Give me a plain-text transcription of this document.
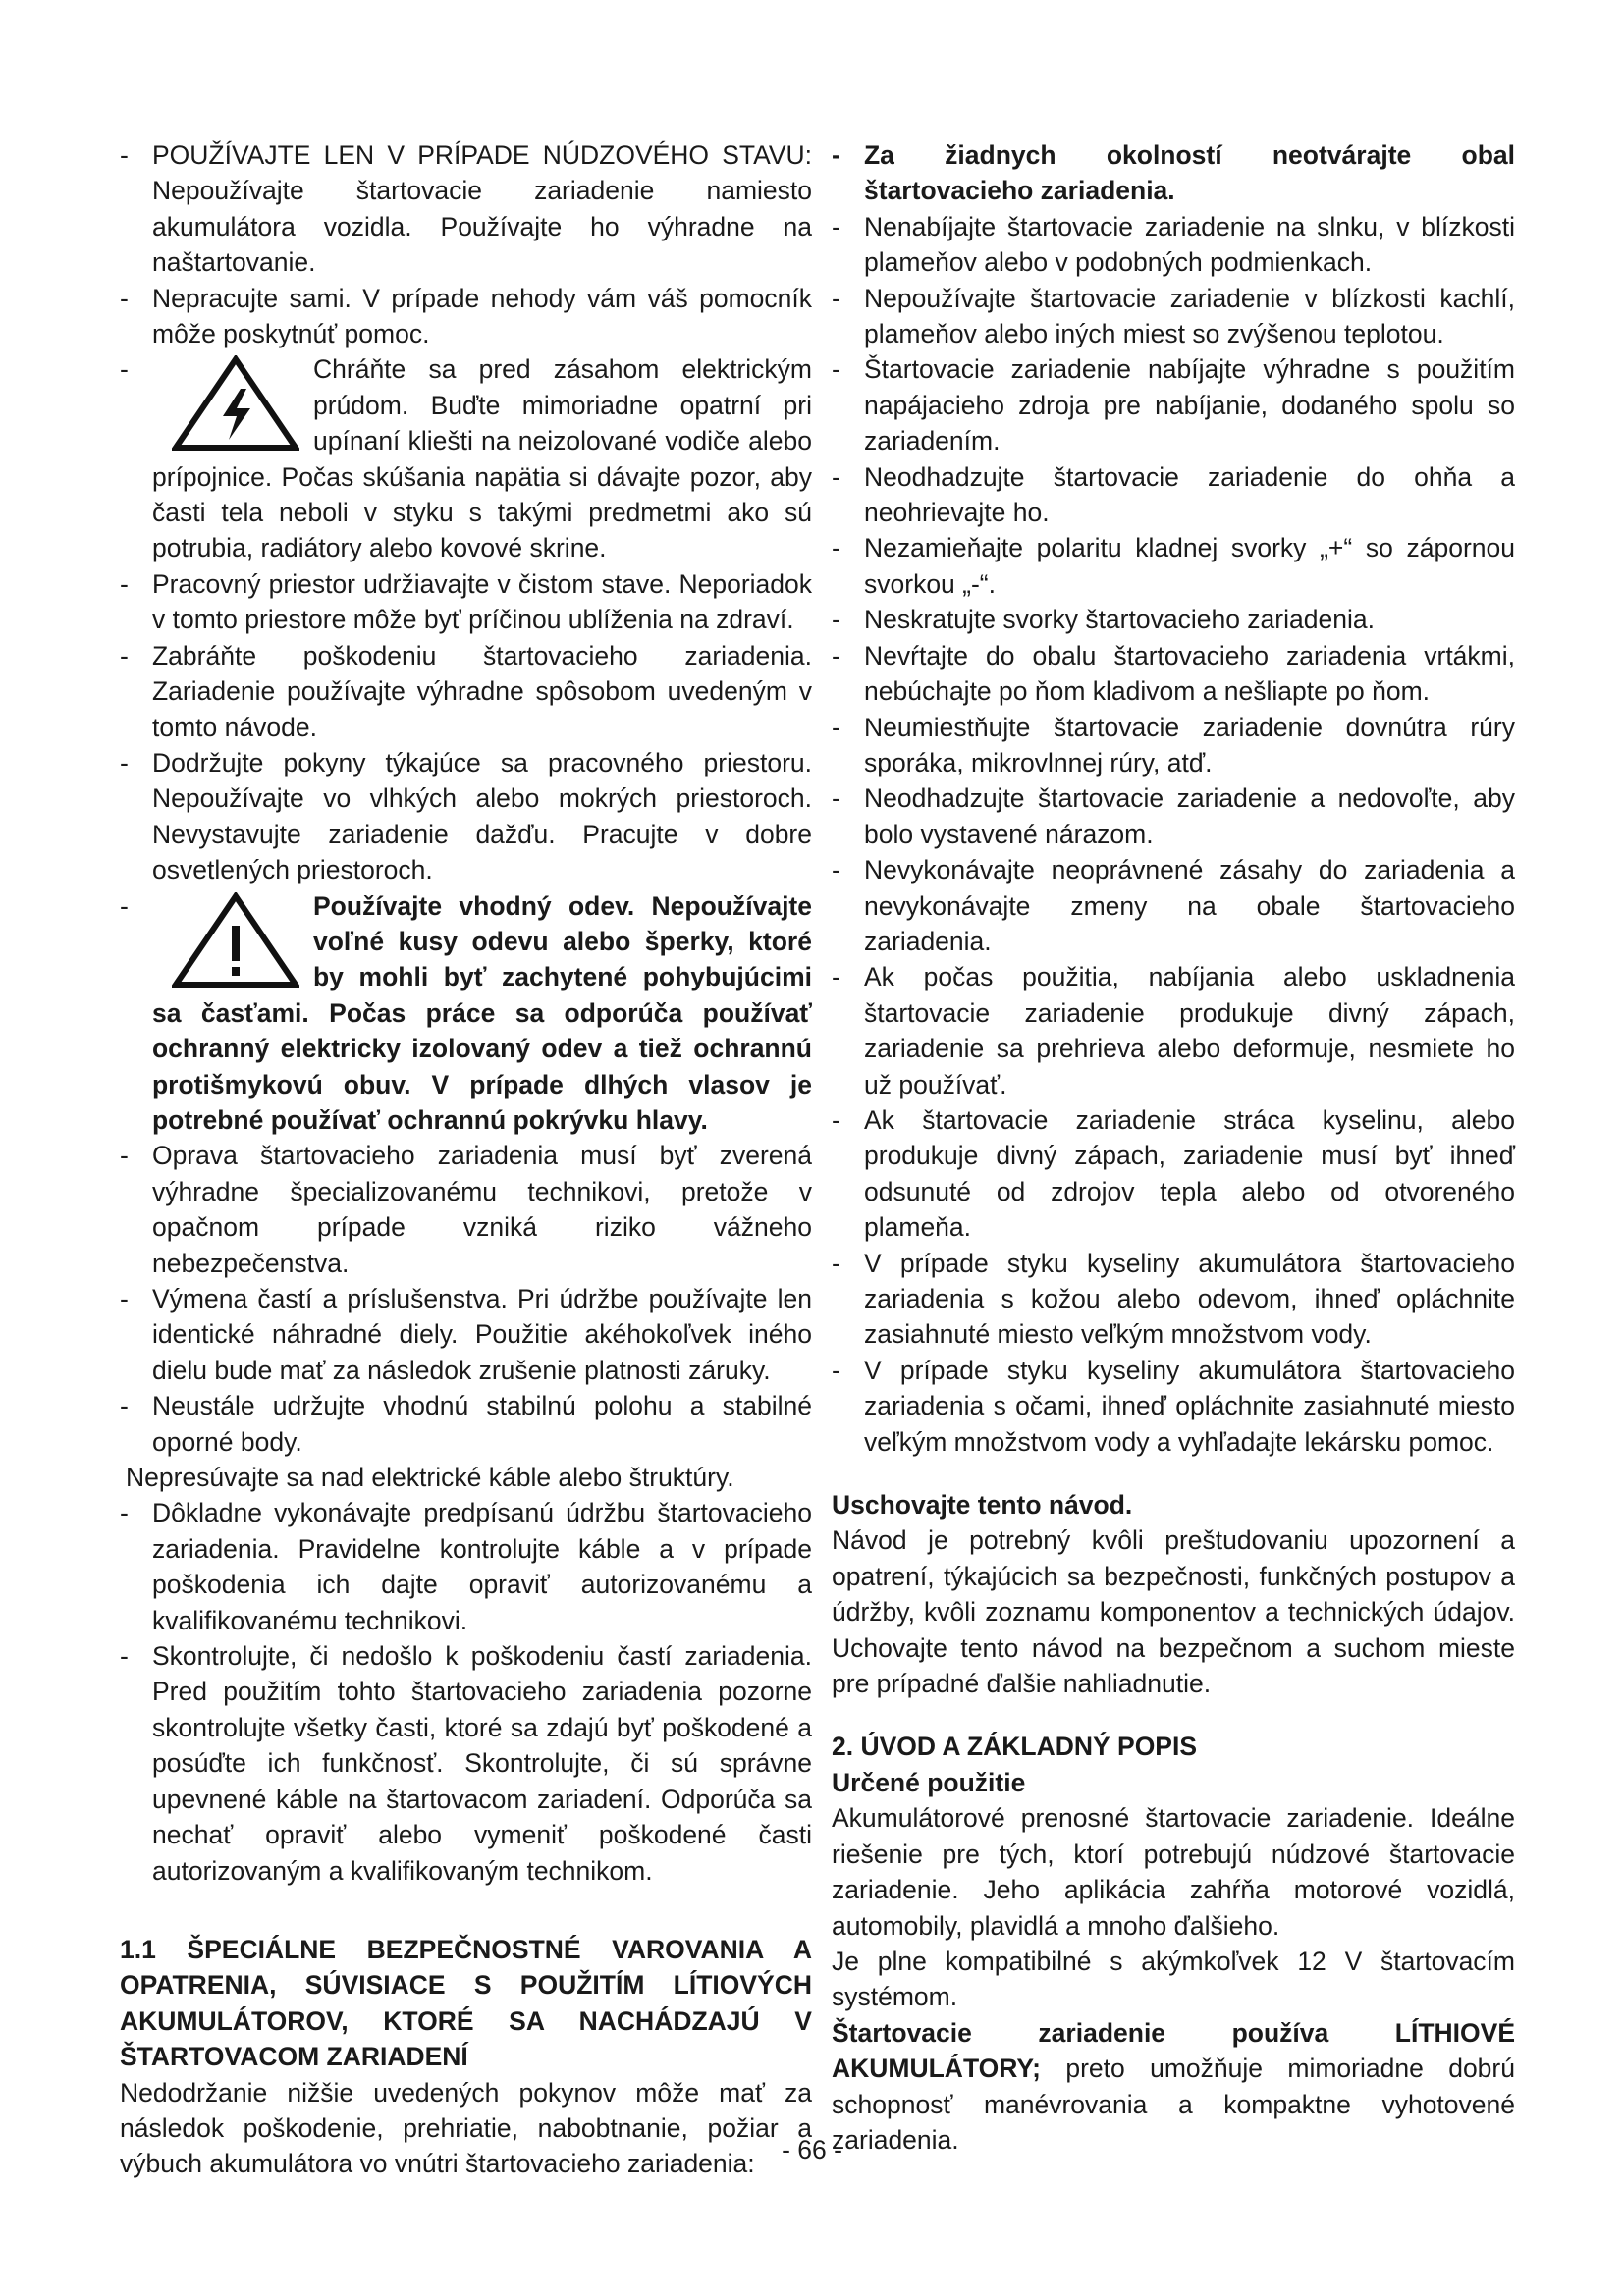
- POUŽÍVAJTE LEN V PRÍPADE NÚDZOVÉHO STAVU: Nepoužívajte štartovacie zariadenie namiesto akumulátora vozidla. Používajte ho výhradne na naštartovanie.
- Nepracujte sami. V prípade nehody vám váš pomocník môže poskytnúť pomoc.
-	Chráňte sa pred zásahom elektrickým prúdom. Buďte mimoriadne opatrní pri upínaní kliešti na neizolované vodiče alebo prípojnice. Počas skúšania napätia si dávajte pozor, aby časti tela neboli v styku s takými predmetmi ako sú potrubia, radiátory alebo kovové skrine.
- Pracovný priestor udržiavajte v čistom stave. Neporiadok v tomto priestore môže byť príčinou ublíženia na zdraví.
- Zabráňte poškodeniu štartovacieho zariadenia. Zariadenie používajte výhradne spôsobom uvedeným v tomto návode.
- Dodržujte pokyny týkajúce sa pracovného priestoru. Nepoužívajte vo vlhkých alebo mokrých priestoroch. Nevystavujte zariadenie dažďu. Pracujte v dobre osvetlených priestoroch.
-	Používajte vhodný odev. Nepoužívajte voľné kusy odevu alebo šperky, ktoré by mohli byť zachytené pohybujúcimi sa časťami. Počas práce sa odporúča používať ochranný elektricky izolovaný odev a tiež ochrannú protišmykovú obuv. V prípade dlhých vlasov je potrebné používať ochrannú pokrývku hlavy.
- Oprava štartovacieho zariadenia musí byť zverená výhradne špecializovanému technikovi, pretože v opačnom prípade vzniká riziko vážneho nebezpečenstva.
- Výmena častí a príslušenstva. Pri údržbe používajte len identické náhradné diely. Použitie akéhokoľvek iného dielu bude mať za následok zrušenie platnosti záruky.
- Neustále udržujte vhodnú stabilnú polohu a stabilné oporné body.
Nepresúvajte sa nad elektrické káble alebo štruktúry.
- Dôkladne vykonávajte predpísanú údržbu štartovacieho zariadenia. Pravidelne kontrolujte káble a v prípade poškodenia ich dajte opraviť autorizovanému a kvalifikovanému technikovi.
- Skontrolujte, či nedošlo k poškodeniu častí zariadenia. Pred použitím tohto štartovacieho zariadenia pozorne skontrolujte všetky časti, ktoré sa zdajú byť poškodené a posúďte ich funkčnosť. Skontrolujte, či sú správne upevnené káble na štartovacom zariadení. Odporúča sa nechať opraviť alebo vymeniť poškodené časti autorizovaným a kvalifikovaným technikom.
1.1 ŠPECIÁLNE BEZPEČNOSTNÉ VAROVANIA A OPATRENIA, SÚVISIACE S POUŽITÍM LÍTIOVÝCH AKUMULÁTOROV, KTORÉ SA NACHÁDZAJÚ V ŠTARTOVACOM ZARIADENÍ
Nedodržanie nižšie uvedených pokynov môže mať za následok poškodenie, prehriatie, nabobtnanie, požiar a výbuch akumulátora vo vnútri štartovacieho zariadenia:
- Za žiadnych okolností neotvárajte obal štartovacieho zariadenia.
- Nenabíjajte štartovacie zariadenie na slnku, v blízkosti plameňov alebo v podobných podmienkach.
- Nepoužívajte štartovacie zariadenie v blízkosti kachlí, plameňov alebo iných miest so zvýšenou teplotou.
- Štartovacie zariadenie nabíjajte výhradne s použitím napájacieho zdroja pre nabíjanie, dodaného spolu so zariadením.
- Neodhadzujte štartovacie zariadenie do ohňa a neohrievajte ho.
- Nezamieňajte polaritu kladnej svorky „+“ so zápornou svorkou „-“.
- Neskratujte svorky štartovacieho zariadenia.
- Nevŕtajte do obalu štartovacieho zariadenia vrtákmi, nebúchajte po ňom kladivom a nešliapte po ňom.
- Neumiestňujte štartovacie zariadenie dovnútra rúry sporáka, mikrovlnnej rúry, atď.
- Neodhadzujte štartovacie zariadenie a nedovoľte, aby bolo vystavené nárazom.
- Nevykonávajte neoprávnené zásahy do zariadenia a nevykonávajte zmeny na obale štartovacieho zariadenia.
- Ak počas použitia, nabíjania alebo uskladnenia štartovacie zariadenie produkuje divný zápach, zariadenie sa prehrieva alebo deformuje, nesmiete ho už používať.
- Ak štartovacie zariadenie stráca kyselinu, alebo produkuje divný zápach, zariadenie musí byť ihneď odsunuté od zdrojov tepla alebo od otvoreného plameňa.
- V prípade styku kyseliny akumulátora štartovacieho zariadenia s kožou alebo odevom, ihneď opláchnite zasiahnuté miesto veľkým množstvom vody.
- V prípade styku kyseliny akumulátora štartovacieho zariadenia s očami, ihneď opláchnite zasiahnuté miesto veľkým množstvom vody a vyhľadajte lekársku pomoc.
Uschovajte tento návod.
Návod je potrebný kvôli preštudovaniu upozornení a opatrení, týkajúcich sa bezpečnosti, funkčných postupov a údržby, kvôli zoznamu komponentov a technických údajov. Uchovajte tento návod na bezpečnom a suchom mieste pre prípadné ďalšie nahliadnutie.
2. ÚVOD A ZÁKLADNÝ POPIS
Určené použitie
Akumulátorové prenosné štartovacie zariadenie. Ideálne riešenie pre tých, ktorí potrebujú núdzové štartovacie zariadenie. Jeho aplikácia zahŕňa motorové vozidlá, automobily, plavidlá a mnoho ďalšieho.
Je plne kompatibilné s akýmkoľvek 12 V štartovacím systémom.
Štartovacie zariadenie používa LÍTHIOVÉ AKUMULÁTORY; preto umožňuje mimoriadne dobrú schopnosť manévrovania a kompaktne vyhotovené zariadenia.
- 66 -
